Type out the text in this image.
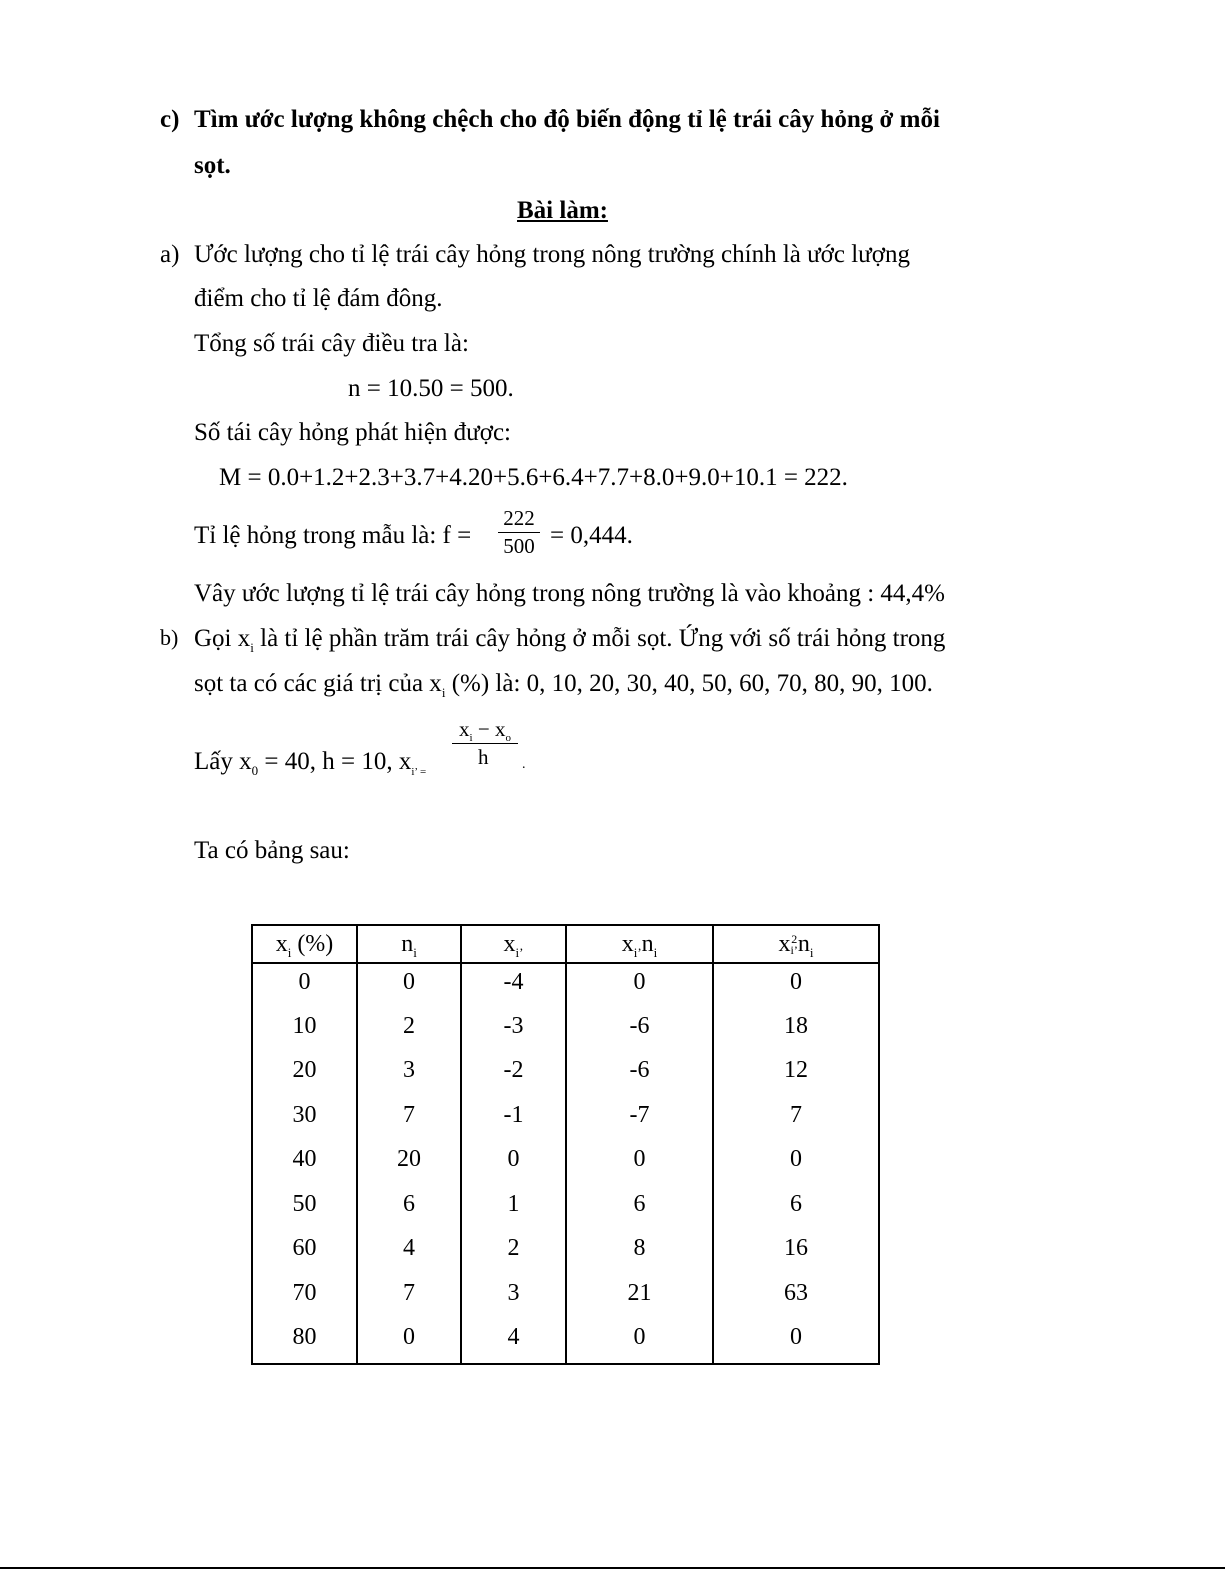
c) Tìm ước lượng không chệch cho độ biến động tỉ lệ trái cây hỏng ở mỗi
sọt.
Bài làm:
a) Ước lượng cho tỉ lệ trái cây hỏng trong nông trường chính là ước lượng
điểm cho tỉ lệ đám đông.
Tổng số trái cây điều tra là:
n = 10.50 = 500.
Số tái cây hỏng phát hiện được:
M = 0.0+1.2+2.3+3.7+4.20+5.6+6.4+7.7+8.0+9.0+10.1 = 222.
Tỉ lệ hỏng trong mẫu là: $f = \frac{222}{500} = 0,444$.
Vây ước lượng tỉ lệ trái cây hỏng trong nông trường là vào khoảng : 44,4%
b) Gọi $x_i$ là tỉ lệ phần trăm trái cây hỏng ở mỗi sọt. Ứng với số trái hỏng trong
sọt ta có các giá trị của $x_i$ (%) là: 0, 10, 20, 30, 40, 50, 60, 70, 80, 90, 100.
Lấy $x_0 = 40$, h = 10, $x_{i’ =}$
$\frac{x_i - x_o}{h}$ .
Ta có bảng sau:
$x_i$ (%)	$n_i$	$x_{i’}$	$x_{i’}n_i$	x 2
i’ $n_i$
0	0	-4	0	0
10	2	-3	-6	18
20	3	-2	-6	12
30	7	-1	-7	7
40	20	0	0	0
50	6	1	6	6
60	4	2	8	16
70	7	3	21	63
80	0	4	0	0
